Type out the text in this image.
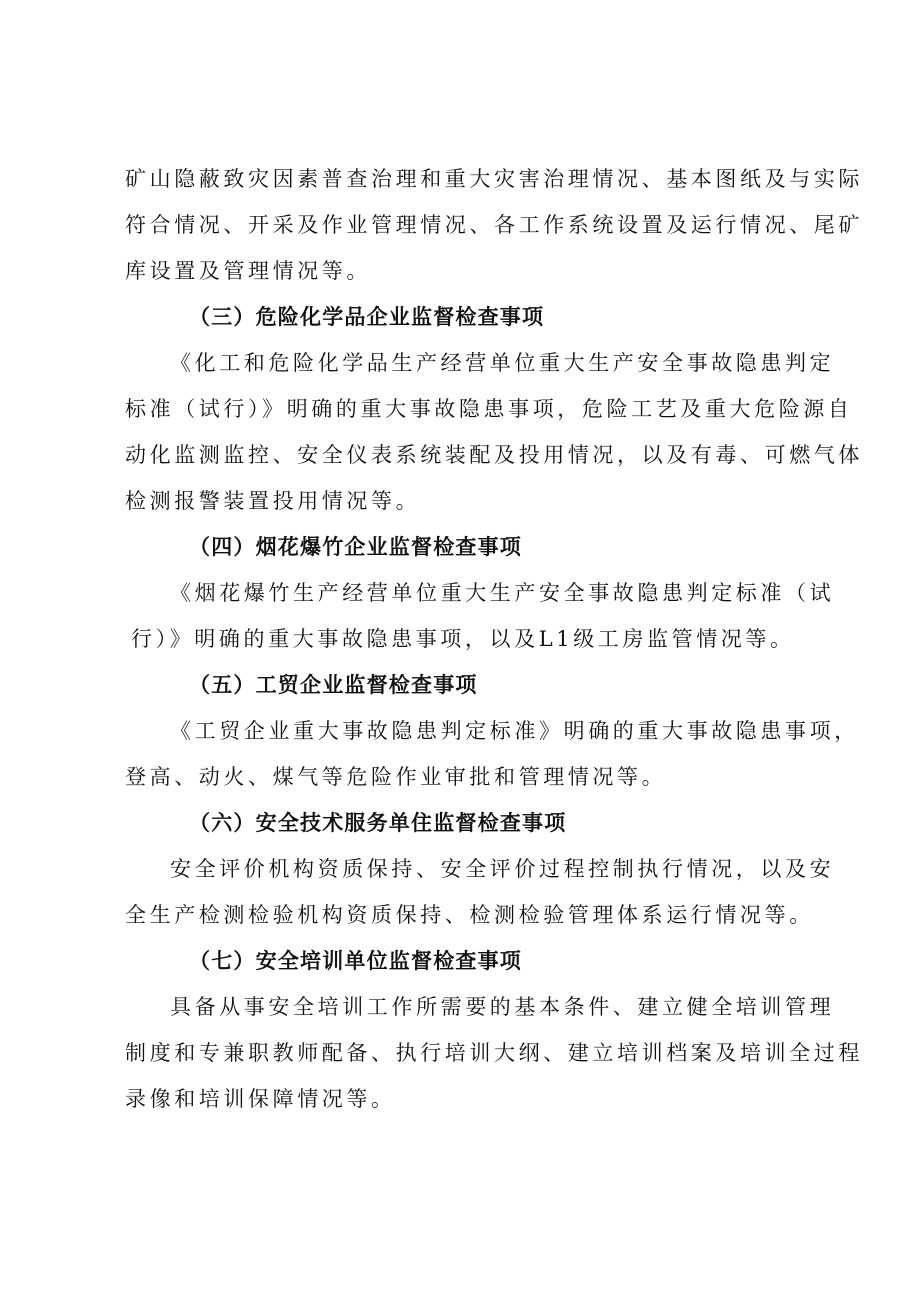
矿山隐蔽致灾因素普查治理和重大灾害治理情况、基本图纸及与实际
符合情况、开采及作业管理情况、各工作系统设置及运行情况、尾矿
库设置及管理情况等。
（三）危险化学品企业监督检查事项
《化工和危险化学品生产经营单位重大生产安全事故隐患判定
标准（试行）》明确的重大事故隐患事项，危险工艺及重大危险源自
动化监测监控、安全仪表系统装配及投用情况，以及有毒、可燃气体
检测报警装置投用情况等。
（四）烟花爆竹企业监督检查事项
《烟花爆竹生产经营单位重大生产安全事故隐患判定标准（试
行）》明确的重大事故隐患事项，以及L1级工房监管情况等。
（五）工贸企业监督检查事项
《工贸企业重大事故隐患判定标准》明确的重大事故隐患事项，
登高、动火、煤气等危险作业审批和管理情况等。
（六）安全技术服务单住监督检查事项
安全评价机构资质保持、安全评价过程控制执行情况，以及安
全生产检测检验机构资质保持、检测检验管理体系运行情况等。
（七）安全培训单位监督检查事项
具备从事安全培训工作所需要的基本条件、建立健全培训管理
制度和专兼职教师配备、执行培训大纲、建立培训档案及培训全过程
录像和培训保障情况等。
